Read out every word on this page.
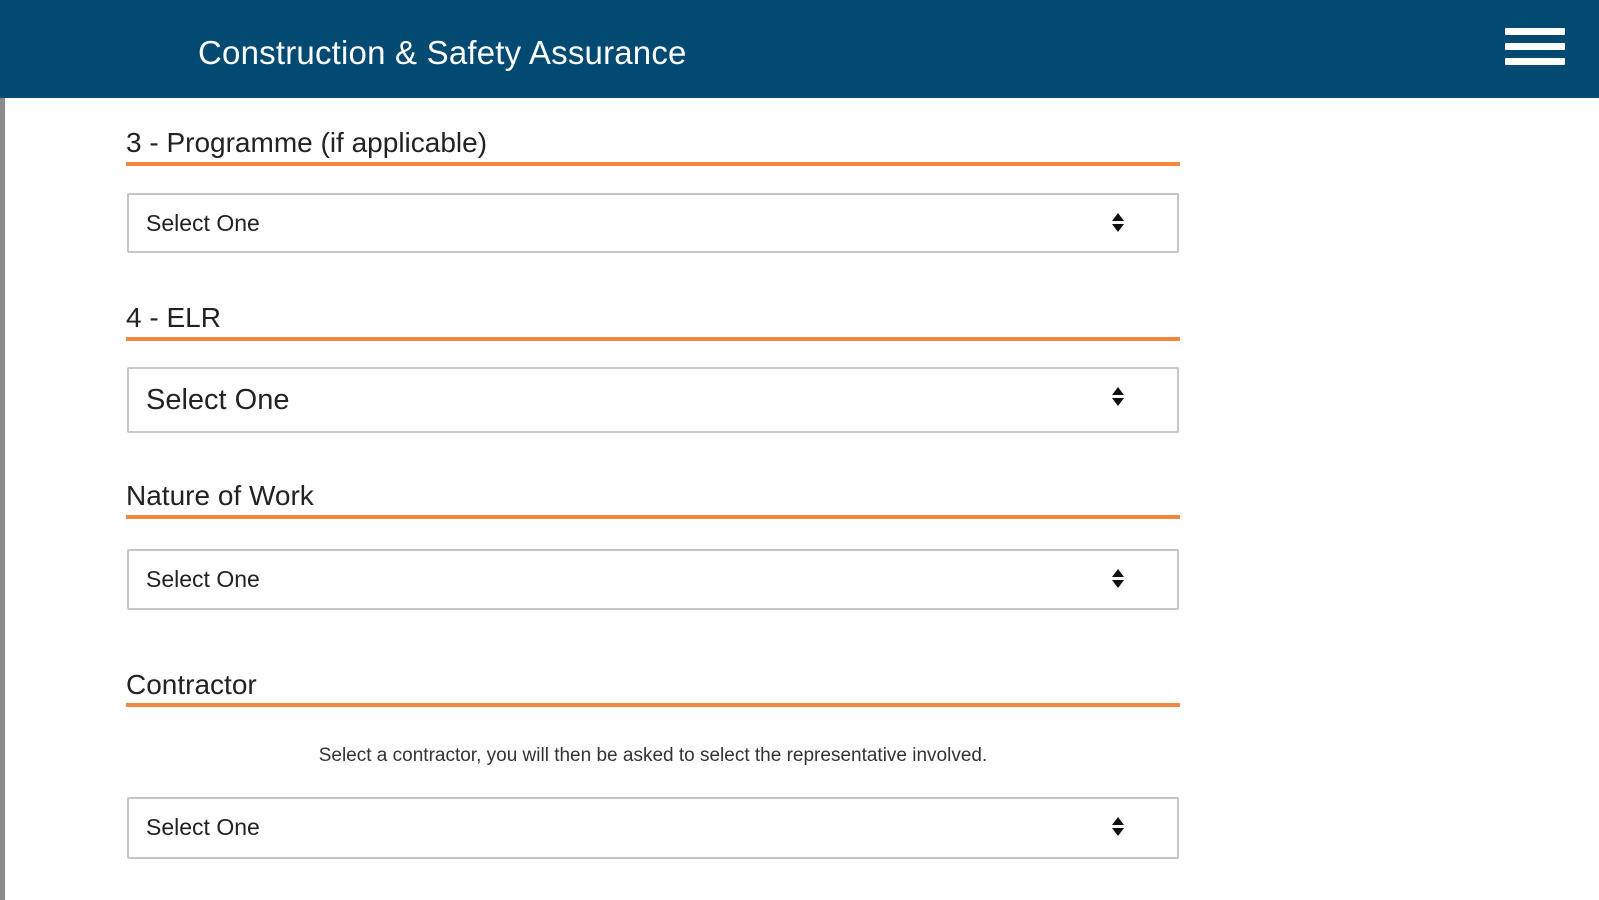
Construction & Safety Assurance
3 - Programme (if applicable)
Select One
4 - ELR
Select One
Nature of Work
Select One
Contractor
Select a contractor, you will then be asked to select the representative involved.
Select One
